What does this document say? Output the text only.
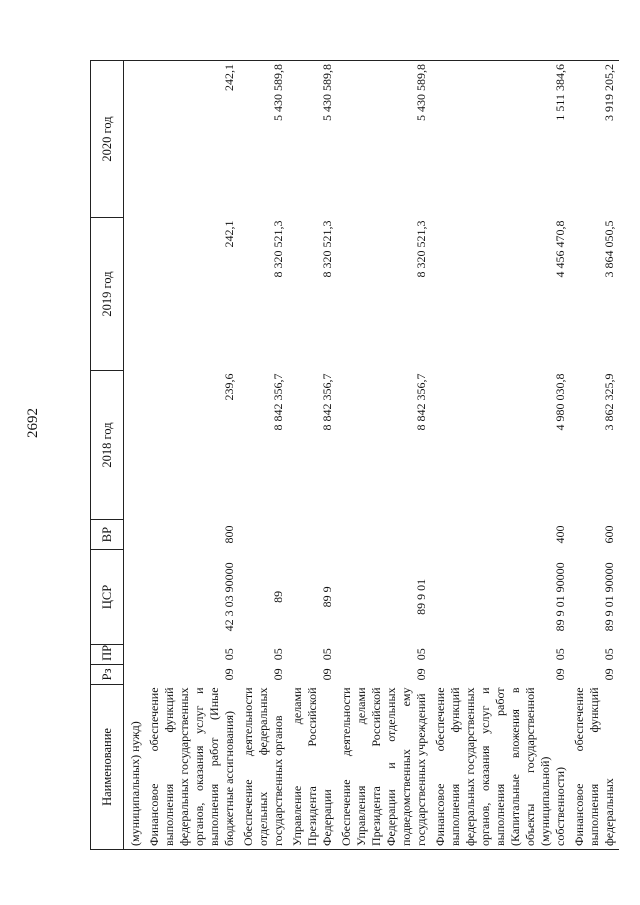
2692
Наименование	Рз	ПР	ЦСР	ВР	2018 год	2019 год	2020 год
(муниципальных) нужд)							
Финансовое обеспечение выполнения функций федеральных государственных органов, оказания услуг и выполнения работ (Иные бюджетные ассигнования)	09	05	42 3 03 90000	800	239,6	242,1	242,1
Обеспечение деятельности отдельных федеральных государственных органов	09	05	89		8 842 356,7	8 320 521,3	5 430 589,8
Управление делами Президента Российской Федерации	09	05	89 9		8 842 356,7	8 320 521,3	5 430 589,8
Обеспечение деятельности Управления делами Президента Российской Федерации и отдельных подведомственных ему государственных учреждений	09	05	89 9 01		8 842 356,7	8 320 521,3	5 430 589,8
Финансовое обеспечение выполнения функций федеральных государственных органов, оказания услуг и выполнения работ (Капитальные вложения в объекты государственной (муниципальной) собственности)	09	05	89 9 01 90000	400	4 980 030,8	4 456 470,8	1 511 384,6
Финансовое обеспечение выполнения функций федеральных	09	05	89 9 01 90000	600	3 862 325,9	3 864 050,5	3 919 205,2
